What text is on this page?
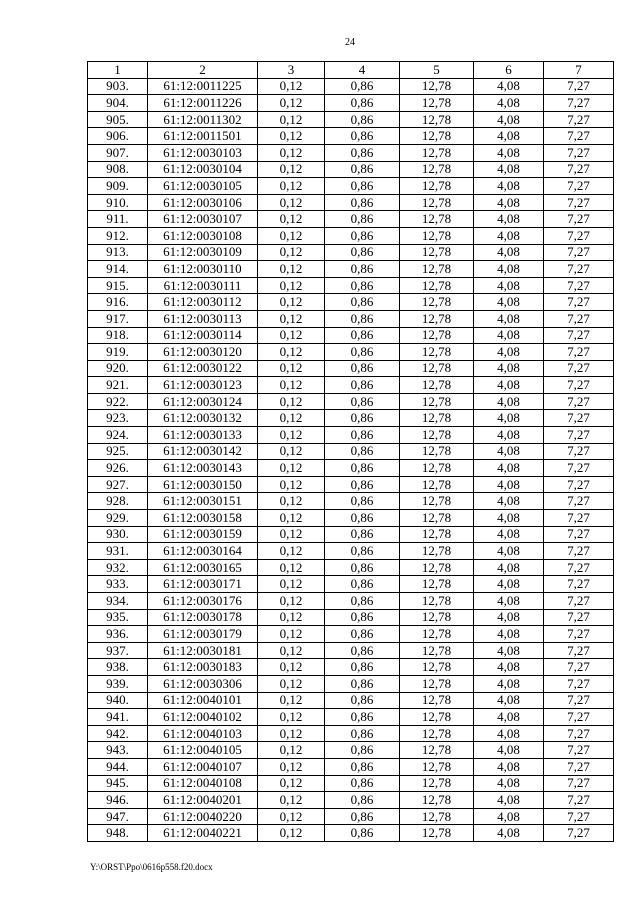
24
1	2	3	4	5	6	7
903.	61:12:0011225	0,12	0,86	12,78	4,08	7,27
904.	61:12:0011226	0,12	0,86	12,78	4,08	7,27
905.	61:12:0011302	0,12	0,86	12,78	4,08	7,27
906.	61:12:0011501	0,12	0,86	12,78	4,08	7,27
907.	61:12:0030103	0,12	0,86	12,78	4,08	7,27
908.	61:12:0030104	0,12	0,86	12,78	4,08	7,27
909.	61:12:0030105	0,12	0,86	12,78	4,08	7,27
910.	61:12:0030106	0,12	0,86	12,78	4,08	7,27
911.	61:12:0030107	0,12	0,86	12,78	4,08	7,27
912.	61:12:0030108	0,12	0,86	12,78	4,08	7,27
913.	61:12:0030109	0,12	0,86	12,78	4,08	7,27
914.	61:12:0030110	0,12	0,86	12,78	4,08	7,27
915.	61:12:0030111	0,12	0,86	12,78	4,08	7,27
916.	61:12:0030112	0,12	0,86	12,78	4,08	7,27
917.	61:12:0030113	0,12	0,86	12,78	4,08	7,27
918.	61:12:0030114	0,12	0,86	12,78	4,08	7,27
919.	61:12:0030120	0,12	0,86	12,78	4,08	7,27
920.	61:12:0030122	0,12	0,86	12,78	4,08	7,27
921.	61:12:0030123	0,12	0,86	12,78	4,08	7,27
922.	61:12:0030124	0,12	0,86	12,78	4,08	7,27
923.	61:12:0030132	0,12	0,86	12,78	4,08	7,27
924.	61:12:0030133	0,12	0,86	12,78	4,08	7,27
925.	61:12:0030142	0,12	0,86	12,78	4,08	7,27
926.	61:12:0030143	0,12	0,86	12,78	4,08	7,27
927.	61:12:0030150	0,12	0,86	12,78	4,08	7,27
928.	61:12:0030151	0,12	0,86	12,78	4,08	7,27
929.	61:12:0030158	0,12	0,86	12,78	4,08	7,27
930.	61:12:0030159	0,12	0,86	12,78	4,08	7,27
931.	61:12:0030164	0,12	0,86	12,78	4,08	7,27
932.	61:12:0030165	0,12	0,86	12,78	4,08	7,27
933.	61:12:0030171	0,12	0,86	12,78	4,08	7,27
934.	61:12:0030176	0,12	0,86	12,78	4,08	7,27
935.	61:12:0030178	0,12	0,86	12,78	4,08	7,27
936.	61:12:0030179	0,12	0,86	12,78	4,08	7,27
937.	61:12:0030181	0,12	0,86	12,78	4,08	7,27
938.	61:12:0030183	0,12	0,86	12,78	4,08	7,27
939.	61:12:0030306	0,12	0,86	12,78	4,08	7,27
940.	61:12:0040101	0,12	0,86	12,78	4,08	7,27
941.	61:12:0040102	0,12	0,86	12,78	4,08	7,27
942.	61:12:0040103	0,12	0,86	12,78	4,08	7,27
943.	61:12:0040105	0,12	0,86	12,78	4,08	7,27
944.	61:12:0040107	0,12	0,86	12,78	4,08	7,27
945.	61:12:0040108	0,12	0,86	12,78	4,08	7,27
946.	61:12:0040201	0,12	0,86	12,78	4,08	7,27
947.	61:12:0040220	0,12	0,86	12,78	4,08	7,27
948.	61:12:0040221	0,12	0,86	12,78	4,08	7,27
Y:\ORST\Ppo\0616p558.f20.docx
